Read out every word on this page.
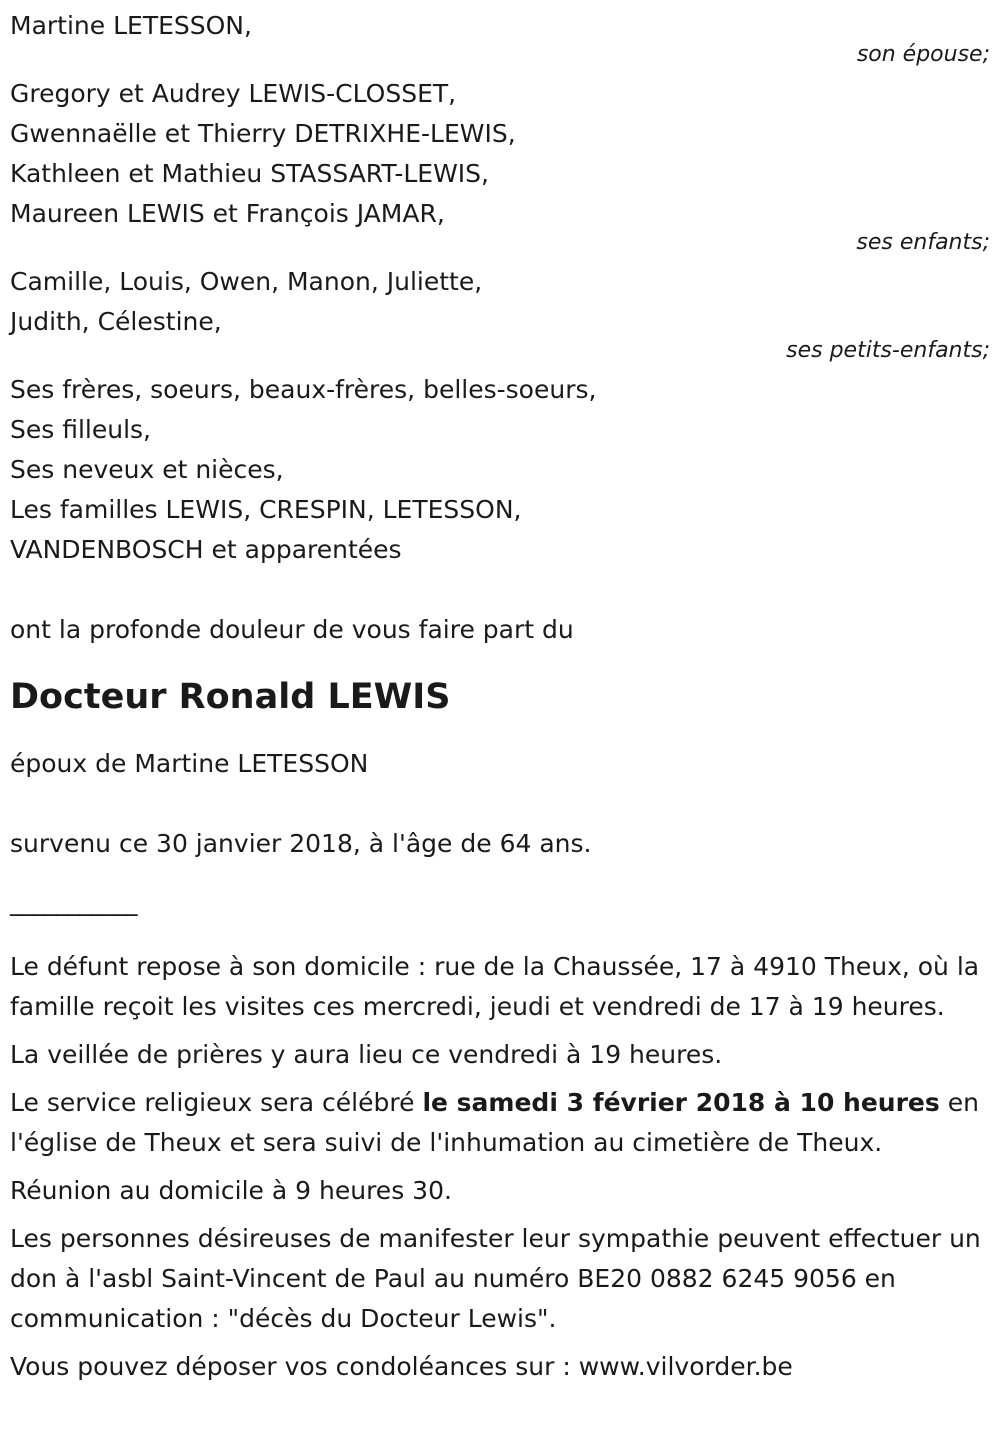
Martine LETESSON,

son épouse;

Gregory et Audrey LEWIS-CLOSSET,

Gwennaëlle et Thierry DETRIXHE-LEWIS,

Kathleen et Mathieu STASSART-LEWIS,

Maureen LEWIS et François JAMAR,

ses enfants;

Camille, Louis, Owen, Manon, Juliette,

Judith, Célestine,

ses petits-enfants;

Ses frères, soeurs, beaux-frères, belles-soeurs,

Ses filleuls,

Ses neveux et nièces,

Les familles LEWIS, CRESPIN, LETESSON,

VANDENBOSCH et apparentées

ont la profonde douleur de vous faire part du

Docteur Ronald LEWIS

époux de Martine LETESSON

survenu ce 30 janvier 2018, à l'âge de 64 ans.

___________

Le défunt repose à son domicile : rue de la Chaussée, 17 à 4910 Theux, où la famille reçoit les visites ces mercredi, jeudi et vendredi de 17 à 19 heures.

La veillée de prières y aura lieu ce vendredi à 19 heures.

Le service religieux sera célébré le samedi 3 février 2018 à 10 heures en l'église de Theux et sera suivi de l'inhumation au cimetière de Theux.

Réunion au domicile à 9 heures 30.

Les personnes désireuses de manifester leur sympathie peuvent effectuer un don à l'asbl Saint-Vincent de Paul au numéro BE20 0882 6245 9056 en communication : "décès du Docteur Lewis".

Vous pouvez déposer vos condoléances sur : www.vilvorder.be
